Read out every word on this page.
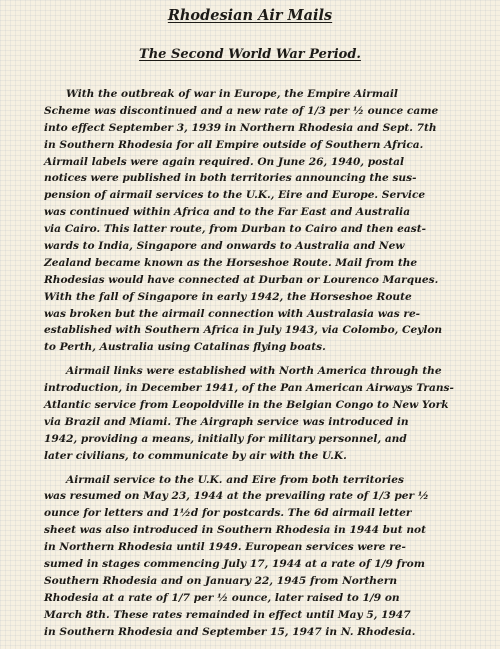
Rhodesian Air Mails
The Second World War Period.
With the outbreak of war in Europe, the Empire Airmail
Scheme was discontinued and a new rate of 1/3 per ½ ounce came
into effect September 3, 1939 in Northern Rhodesia and Sept. 7th
in Southern Rhodesia for all Empire outside of Southern Africa.
Airmail labels were again required. On June 26, 1940, postal
notices were published in both territories announcing the sus-
pension of airmail services to the U.K., Eire and Europe. Service
was continued within Africa and to the Far East and Australia
via Cairo. This latter route, from Durban to Cairo and then east-
wards to India, Singapore and onwards to Australia and New
Zealand became known as the Horseshoe Route. Mail from the
Rhodesias would have connected at Durban or Lourenco Marques.
With the fall of Singapore in early 1942, the Horseshoe Route
was broken but the airmail connection with Australasia was re-
established with Southern Africa in July 1943, via Colombo, Ceylon
to Perth, Australia using Catalinas flying boats.
Airmail links were established with North America through the
introduction, in December 1941, of the Pan American Airways Trans-
Atlantic service from Leopoldville in the Belgian Congo to New York
via Brazil and Miami. The Airgraph service was introduced in
1942, providing a means, initially for military personnel, and
later civilians, to communicate by air with the U.K.
Airmail service to the U.K. and Eire from both territories
was resumed on May 23, 1944 at the prevailing rate of 1/3 per ½
ounce for letters and 1½d for postcards. The 6d airmail letter
sheet was also introduced in Southern Rhodesia in 1944 but not
in Northern Rhodesia until 1949. European services were re-
sumed in stages commencing July 17, 1944 at a rate of 1/9 from
Southern Rhodesia and on January 22, 1945 from Northern
Rhodesia at a rate of 1/7 per ½ ounce, later raised to 1/9 on
March 8th. These rates remainded in effect until May 5, 1947
in Southern Rhodesia and September 15, 1947 in N. Rhodesia.
